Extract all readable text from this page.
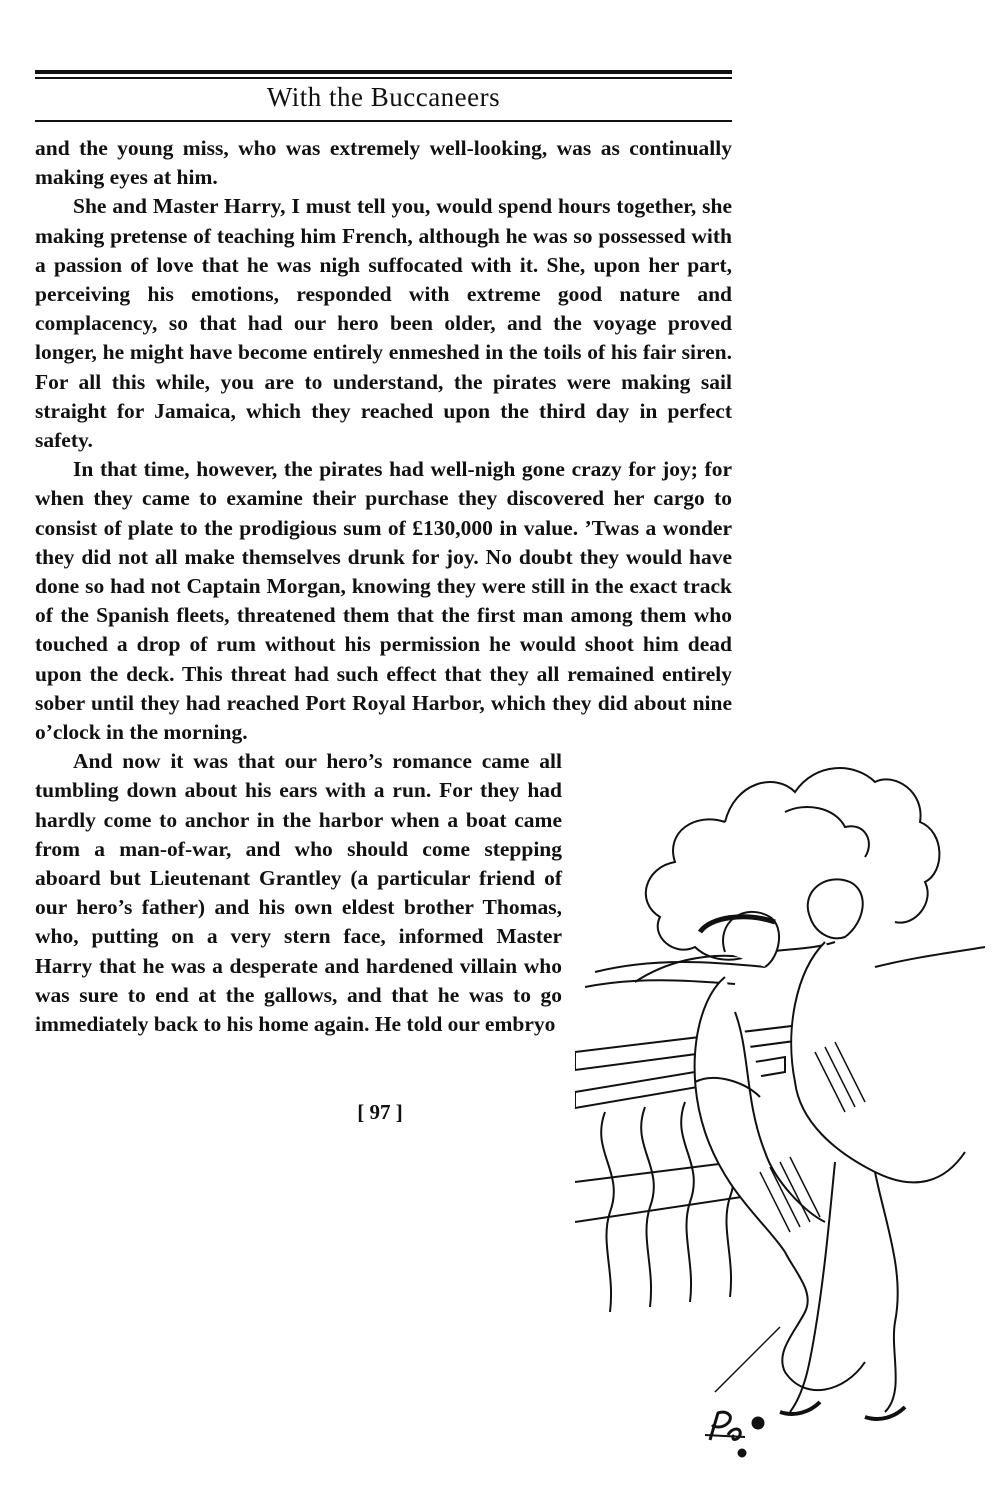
With the Buccaneers

and the young miss, who was extremely well-looking, was as continually making eyes at him.

She and Master Harry, I must tell you, would spend hours together, she making pretense of teaching him French, although he was so possessed with a passion of love that he was nigh suffocated with it. She, upon her part, perceiving his emotions, responded with extreme good nature and complacency, so that had our hero been older, and the voyage proved longer, he might have become entirely enmeshed in the toils of his fair siren. For all this while, you are to understand, the pirates were making sail straight for Jamaica, which they reached upon the third day in perfect safety.

In that time, however, the pirates had well-nigh gone crazy for joy; for when they came to examine their purchase they discovered her cargo to consist of plate to the prodigious sum of £130,000 in value. ’Twas a wonder they did not all make themselves drunk for joy. No doubt they would have done so had not Captain Morgan, knowing they were still in the exact track of the Spanish fleets, threatened them that the first man among them who touched a drop of rum without his permission he would shoot him dead upon the deck. This threat had such effect that they all remained entirely sober until they had reached Port Royal Harbor, which they did about nine o’clock in the morning.

And now it was that our hero’s romance came all tumbling down about his ears with a run. For they had hardly come to anchor in the harbor when a boat came from a man-of-war, and who should come stepping aboard but Lieutenant Grantley (a particular friend of our hero’s father) and his own eldest brother Thomas, who, putting on a very stern face, informed Master Harry that he was a desperate and hardened villain who was sure to end at the gallows, and that he was to go immediately back to his home again. He told our embryo

[ 97 ]
